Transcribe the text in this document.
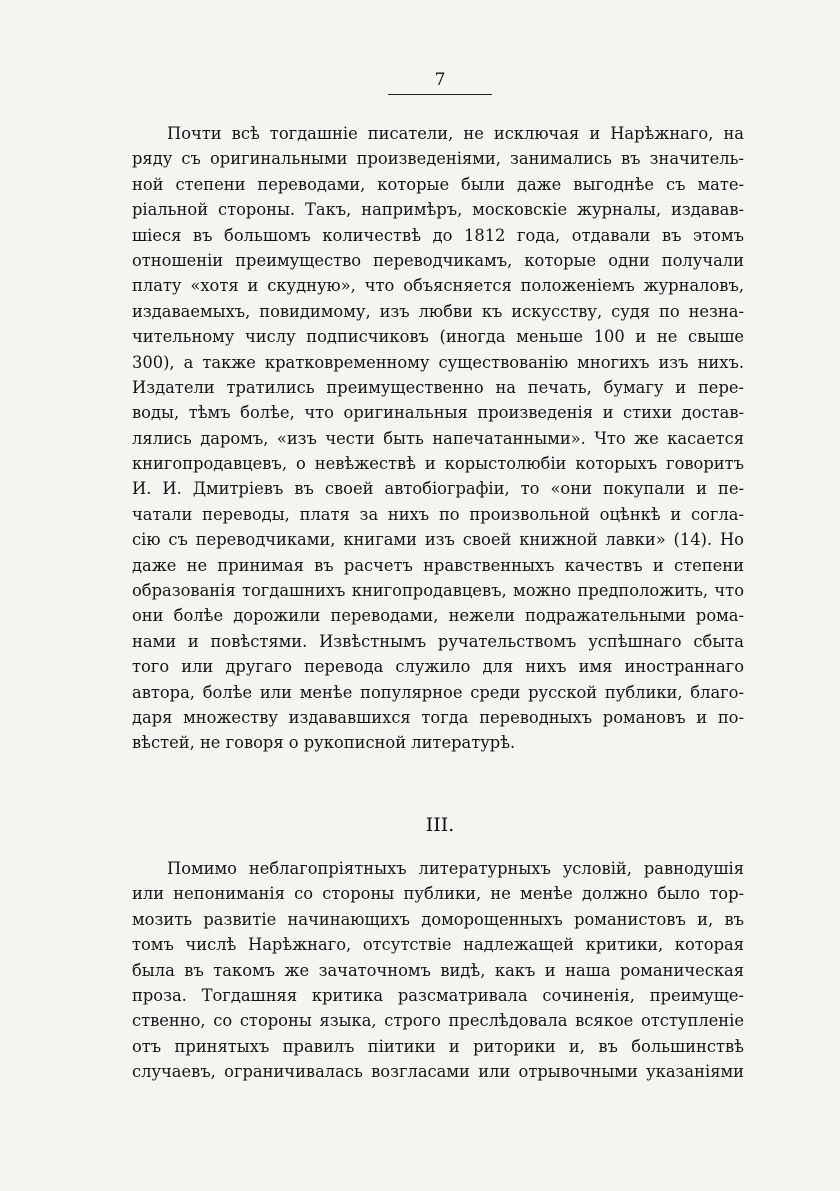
7
Почти всѣ тогдашніе писатели, не исключая и Нарѣжнаго, на
ряду съ оригинальными произведеніями, занимались въ значитель-
ной степени переводами, которые были даже выгоднѣе съ мате-
ріальной стороны. Такъ, напримѣръ, московскіе журналы, издавав-
шіеся въ большомъ количествѣ до 1812 года, отдавали въ этомъ
отношеніи преимущество переводчикамъ, которые одни получали
плату «хотя и скудную», что объясняется положеніемъ журналовъ,
издаваемыхъ, повидимому, изъ любви къ искусству, судя по незна-
чительному числу подписчиковъ (иногда меньше 100 и не свыше
300), а также кратковременному существованію многихъ изъ нихъ.
Издатели тратились преимущественно на печать, бумагу и пере-
воды, тѣмъ болѣе, что оригинальныя произведенія и стихи достав-
лялись даромъ, «изъ чести быть напечатанными». Что же касается
книгопродавцевъ, о невѣжествѣ и корыстолюбіи которыхъ говоритъ
И. И. Дмитріевъ въ своей автобіографіи, то «они покупали и пе-
чатали переводы, платя за нихъ по произвольной оцѣнкѣ и согла-
сію съ переводчиками, книгами изъ своей книжной лавки» (14). Но
даже не принимая въ расчетъ нравственныхъ качествъ и степени
образованія тогдашнихъ книгопродавцевъ, можно предположить, что
они болѣе дорожили переводами, нежели подражательными рома-
нами и повѣстями. Извѣстнымъ ручательствомъ успѣшнаго сбыта
того или другаго перевода служило для нихъ имя иностраннаго
автора, болѣе или менѣе популярное среди русской публики, благо-
даря множеству издававшихся тогда переводныхъ романовъ и по-
вѣстей, не говоря о рукописной литературѣ.
III.
Помимо неблагопріятныхъ литературныхъ условій, равнодушія
или непониманія со стороны публики, не менѣе должно было тор-
мозить развитіе начинающихъ доморощенныхъ романистовъ и, въ
томъ числѣ Нарѣжнаго, отсутствіе надлежащей критики, которая
была въ такомъ же зачаточномъ видѣ, какъ и наша романическая
проза. Тогдашняя критика разсматривала сочиненія, преимуще-
ственно, со стороны языка, строго преслѣдовала всякое отступленіе
отъ принятыхъ правилъ піитики и риторики и, въ большинствѣ
случаевъ, ограничивалась возгласами или отрывочными указаніями
